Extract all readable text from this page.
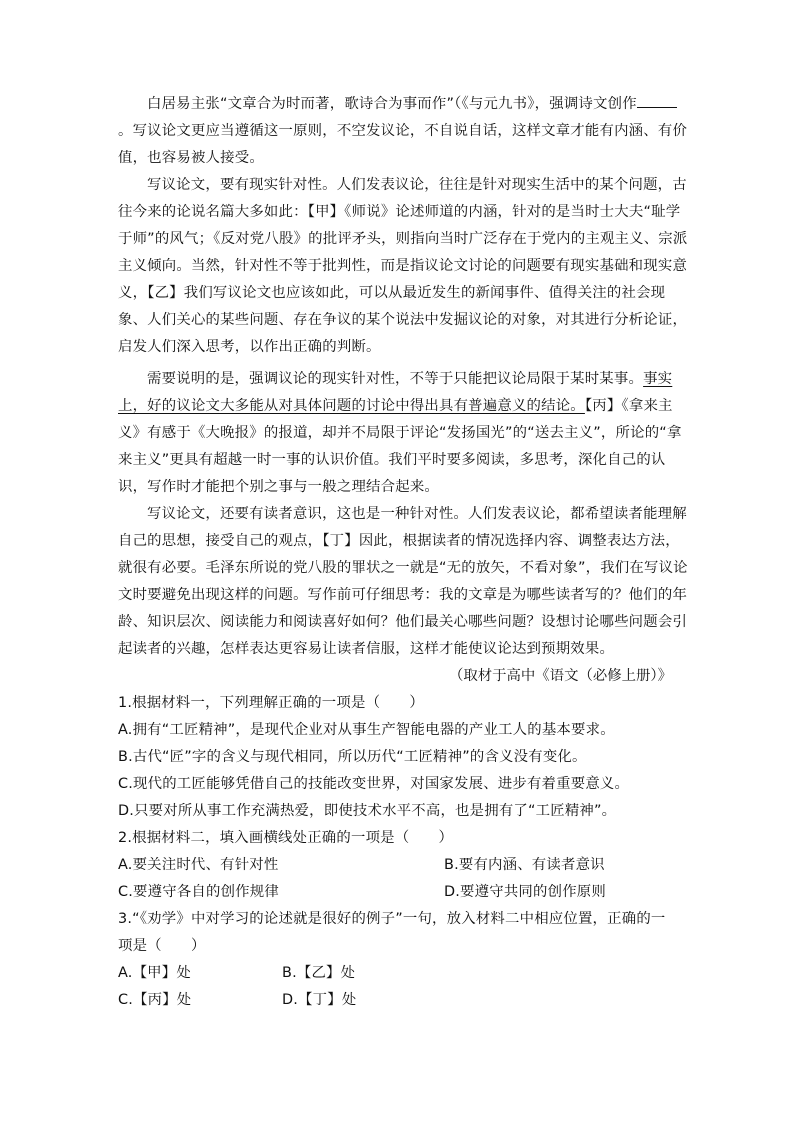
白居易主张“文章合为时而著，歌诗合为事而作”（《与元九书》，强调诗文创作。写议论文更应当遵循这一原则，不空发议论，不自说自话，这样文章才能有内涵、有价值，也容易被人接受。

写议论文，要有现实针对性。人们发表议论，往往是针对现实生活中的某个问题，古往今来的论说名篇大多如此：【甲】《师说》论述师道的内涵，针对的是当时士大夫“耻学于师”的风气；《反对党八股》的批评矛头，则指向当时广泛存在于党内的主观主义、宗派主义倾向。当然，针对性不等于批判性，而是指议论文讨论的问题要有现实基础和现实意义，【乙】我们写议论文也应该如此，可以从最近发生的新闻事件、值得关注的社会现象、人们关心的某些问题、存在争议的某个说法中发掘议论的对象，对其进行分析论证，启发人们深入思考，以作出正确的判断。

需要说明的是，强调议论的现实针对性，不等于只能把议论局限于某时某事。事实上，好的议论文大多能从对具体问题的讨论中得出具有普遍意义的结论。【丙】《拿来主义》有感于《大晚报》的报道，却并不局限于评论“发扬国光”的“送去主义”，所论的“拿来主义”更具有超越一时一事的认识价值。我们平时要多阅读，多思考，深化自己的认识，写作时才能把个别之事与一般之理结合起来。

写议论文，还要有读者意识，这也是一种针对性。人们发表议论，都希望读者能理解自己的思想，接受自己的观点，【丁】因此，根据读者的情况选择内容、调整表达方法，就很有必要。毛泽东所说的党八股的罪状之一就是“无的放矢，不看对象”，我们在写议论文时要避免出现这样的问题。写作前可仔细思考：我的文章是为哪些读者写的？他们的年龄、知识层次、阅读能力和阅读喜好如何？他们最关心哪些问题？设想讨论哪些问题会引起读者的兴趣，怎样表达更容易让读者信服，这样才能使议论达到预期效果。

（取材于高中《语文（必修上册）》
1.根据材料一，下列理解正确的一项是（　　）
A.拥有“工匠精神”，是现代企业对从事生产智能电器的产业工人的基本要求。
B.古代“匠”字的含义与现代相同，所以历代“工匠精神”的含义没有变化。
C.现代的工匠能够凭借自己的技能改变世界，对国家发展、进步有着重要意义。
D.只要对所从事工作充满热爱，即使技术水平不高，也是拥有了“工匠精神”。
2.根据材料二，填入画横线处正确的一项是（　　）
A.要关注时代、有针对性	B.要有内涵、有读者意识
C.要遵守各自的创作规律	D.要遵守共同的创作原则
3.“《劝学》中对学习的论述就是很好的例子”一句，放入材料二中相应位置，正确的一
项是（　　）
A.【甲】处	B.【乙】处
C.【丙】处	D.【丁】处
